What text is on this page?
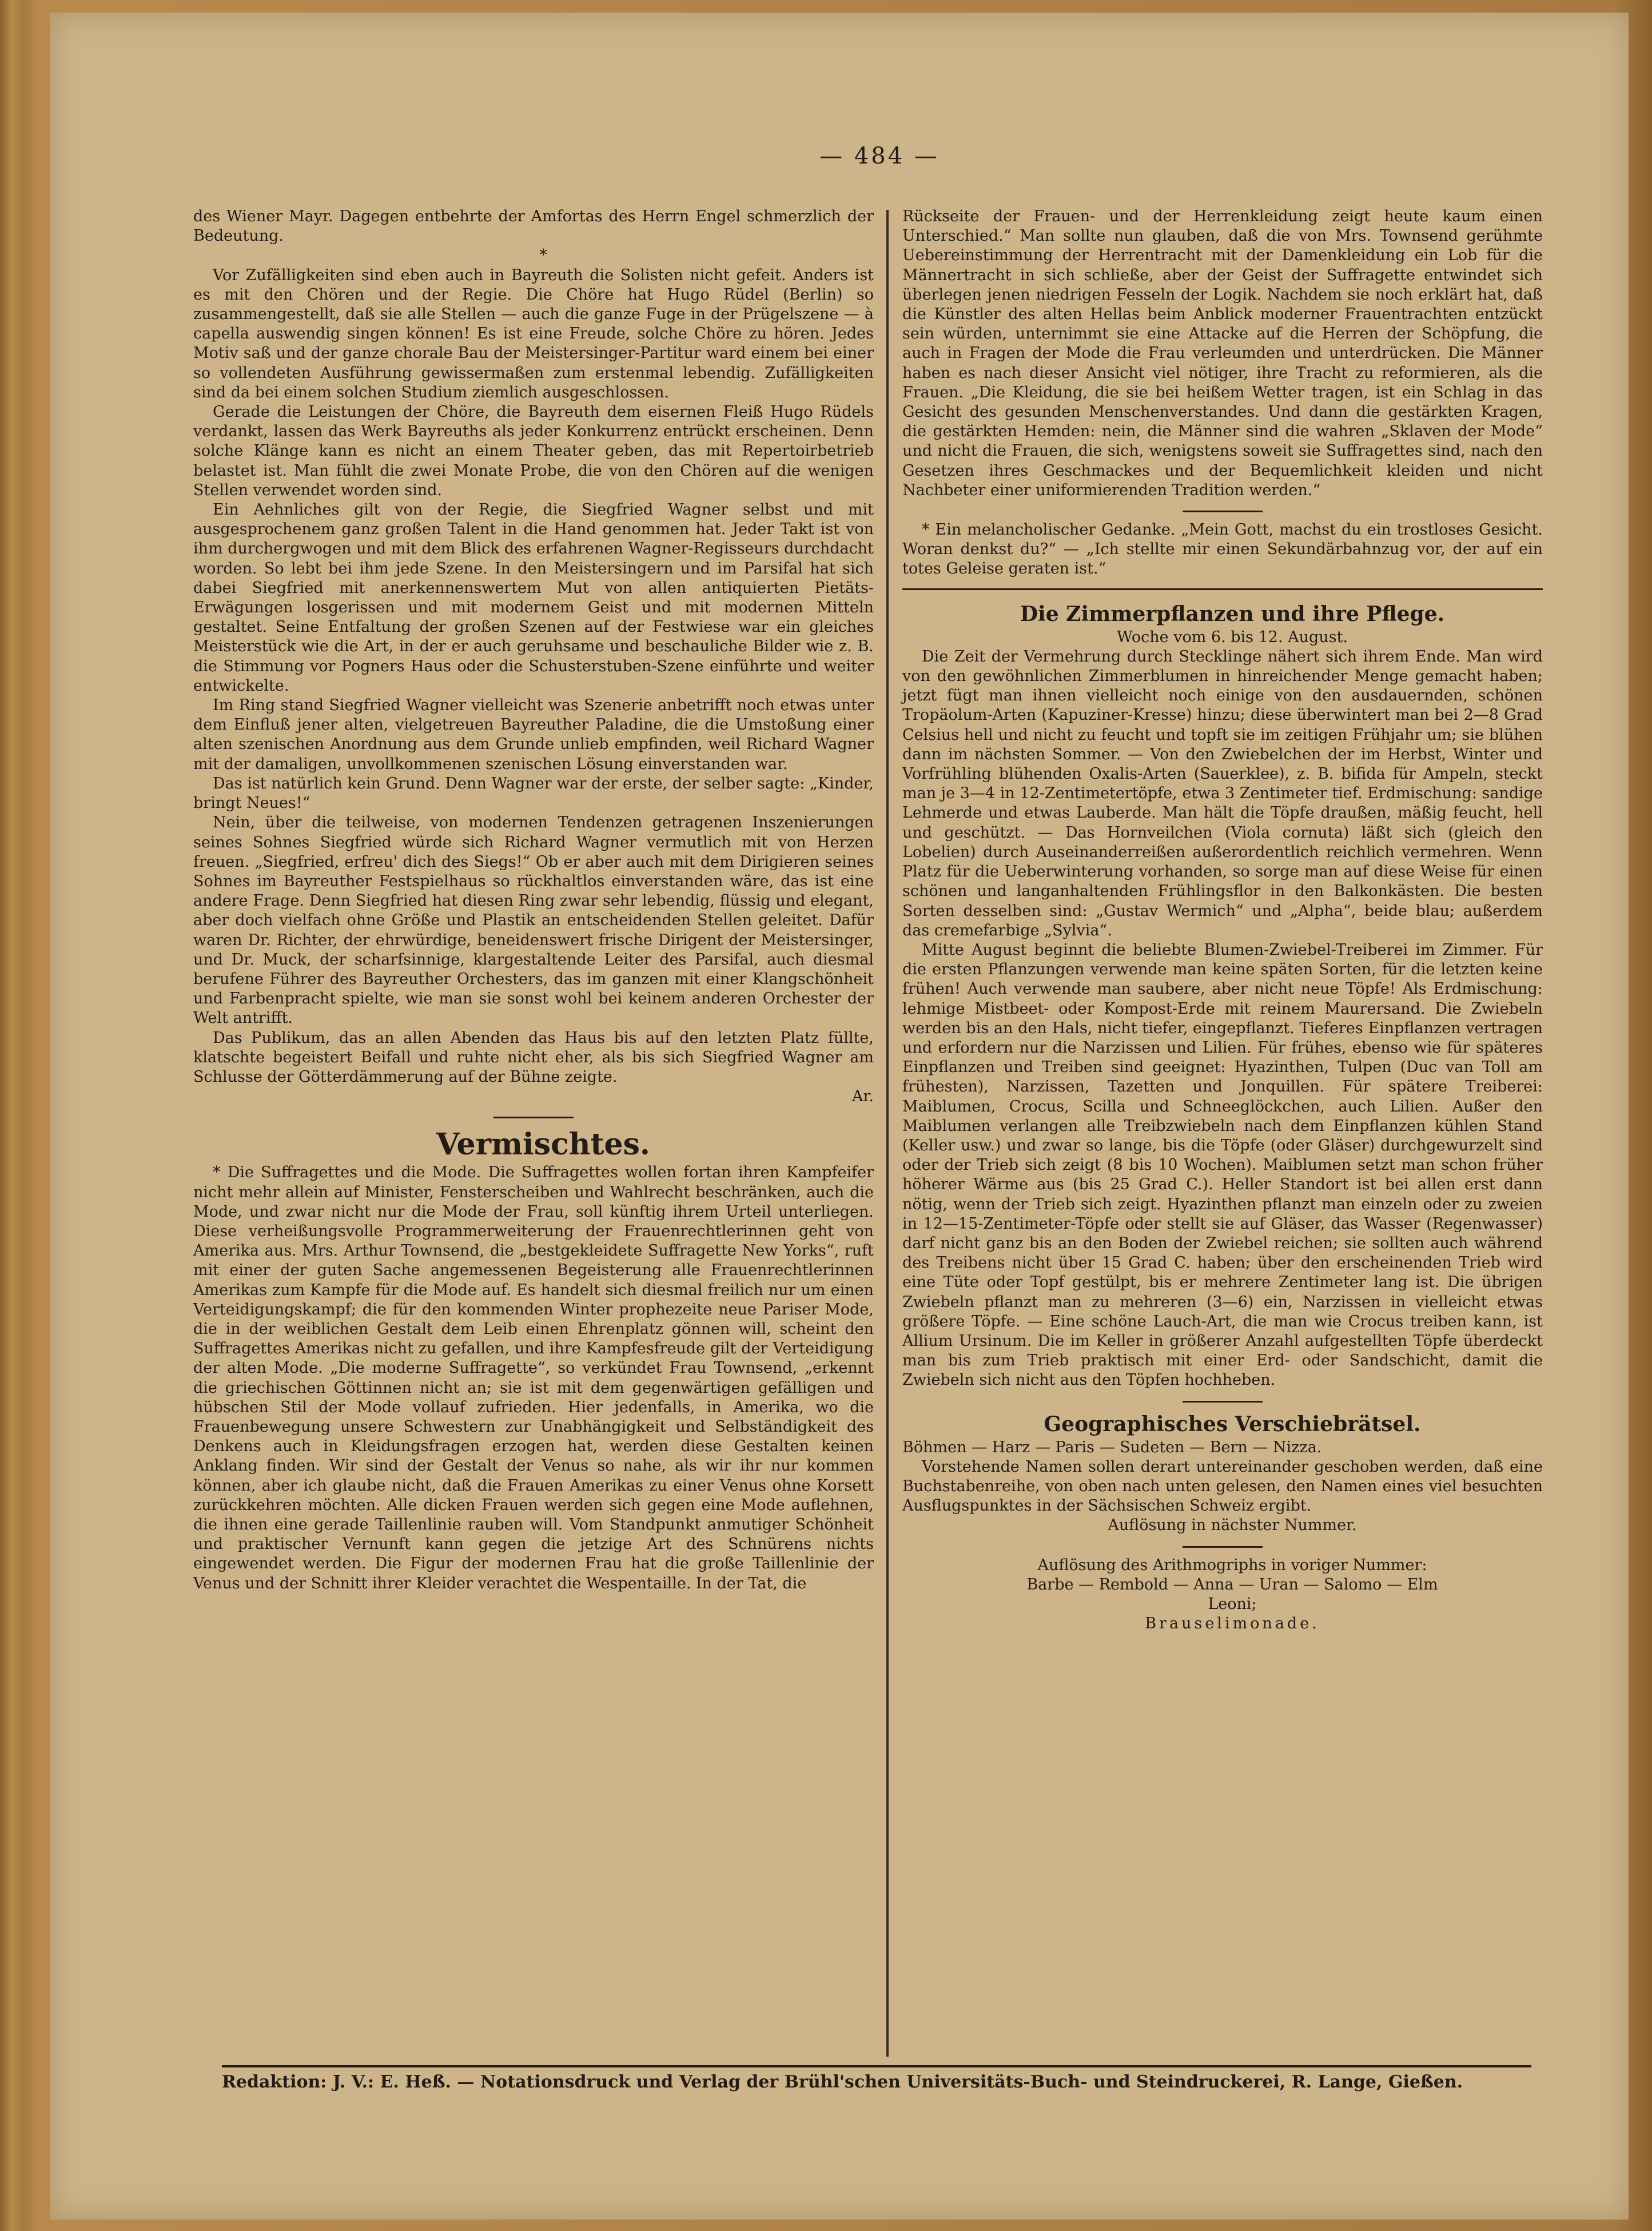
— 484 —

des Wiener Mayr. Dagegen entbehrte der Amfortas des Herrn Engel schmerzlich der Bedeutung.

*

Vor Zufälligkeiten sind eben auch in Bayreuth die Solisten nicht gefeit. Anders ist es mit den Chören und der Regie. Die Chöre hat Hugo Rüdel (Berlin) so zusammengestellt, daß sie alle Stellen — auch die ganze Fuge in der Prügelszene — à capella auswendig singen können! Es ist eine Freude, solche Chöre zu hören. Jedes Motiv saß und der ganze chorale Bau der Meistersinger-Partitur ward einem bei einer so vollendeten Ausführung gewissermaßen zum erstenmal lebendig. Zufälligkeiten sind da bei einem solchen Studium ziemlich ausgeschlossen.

Gerade die Leistungen der Chöre, die Bayreuth dem eisernen Fleiß Hugo Rüdels verdankt, lassen das Werk Bayreuths als jeder Konkurrenz entrückt erscheinen. Denn solche Klänge kann es nicht an einem Theater geben, das mit Repertoirbetrieb belastet ist. Man fühlt die zwei Monate Probe, die von den Chören auf die wenigen Stellen verwendet worden sind.

Ein Aehnliches gilt von der Regie, die Siegfried Wagner selbst und mit ausgesprochenem ganz großen Talent in die Hand genommen hat. Jeder Takt ist von ihm durchergwogen und mit dem Blick des erfahrenen Wagner-Regisseurs durchdacht worden. So lebt bei ihm jede Szene. In den Meistersingern und im Parsifal hat sich dabei Siegfried mit anerkennenswertem Mut von allen antiquierten Pietäts-Erwägungen losgerissen und mit modernem Geist und mit modernen Mitteln gestaltet. Seine Entfaltung der großen Szenen auf der Festwiese war ein gleiches Meisterstück wie die Art, in der er auch geruhsame und beschauliche Bilder wie z. B. die Stimmung vor Pogners Haus oder die Schusterstuben-Szene einführte und weiter entwickelte.

Im Ring stand Siegfried Wagner vielleicht was Szenerie anbetrifft noch etwas unter dem Einfluß jener alten, vielgetreuen Bayreuther Paladine, die die Umstoßung einer alten szenischen Anordnung aus dem Grunde unlieb empfinden, weil Richard Wagner mit der damaligen, unvollkommenen szenischen Lösung einverstanden war.

Das ist natürlich kein Grund. Denn Wagner war der erste, der selber sagte: „Kinder, bringt Neues!“

Nein, über die teilweise, von modernen Tendenzen getragenen Inszenierungen seines Sohnes Siegfried würde sich Richard Wagner vermutlich mit von Herzen freuen. „Siegfried, erfreu' dich des Siegs!“ Ob er aber auch mit dem Dirigieren seines Sohnes im Bayreuther Festspielhaus so rückhaltlos einverstanden wäre, das ist eine andere Frage. Denn Siegfried hat diesen Ring zwar sehr lebendig, flüssig und elegant, aber doch vielfach ohne Größe und Plastik an entscheidenden Stellen geleitet. Dafür waren Dr. Richter, der ehrwürdige, beneidenswert frische Dirigent der Meistersinger, und Dr. Muck, der scharfsinnige, klargestaltende Leiter des Parsifal, auch diesmal berufene Führer des Bayreuther Orchesters, das im ganzen mit einer Klangschönheit und Farbenpracht spielte, wie man sie sonst wohl bei keinem anderen Orchester der Welt antrifft.

Das Publikum, das an allen Abenden das Haus bis auf den letzten Platz füllte, klatschte begeistert Beifall und ruhte nicht eher, als bis sich Siegfried Wagner am Schlusse der Götterdämmerung auf der Bühne zeigte.

Ar.

Vermischtes.

* Die Suffragettes und die Mode. Die Suffragettes wollen fortan ihren Kampfeifer nicht mehr allein auf Minister, Fensterscheiben und Wahlrecht beschränken, auch die Mode, und zwar nicht nur die Mode der Frau, soll künftig ihrem Urteil unterliegen. Diese verheißungsvolle Programmerweiterung der Frauenrechtlerinnen geht von Amerika aus. Mrs. Arthur Townsend, die „bestgekleidete Suffragette New Yorks“, ruft mit einer der guten Sache angemessenen Begeisterung alle Frauenrechtlerinnen Amerikas zum Kampfe für die Mode auf. Es handelt sich diesmal freilich nur um einen Verteidigungskampf; die für den kommenden Winter prophezeite neue Pariser Mode, die in der weiblichen Gestalt dem Leib einen Ehrenplatz gönnen will, scheint den Suffragettes Amerikas nicht zu gefallen, und ihre Kampfesfreude gilt der Verteidigung der alten Mode. „Die moderne Suffragette“, so verkündet Frau Townsend, „erkennt die griechischen Göttinnen nicht an; sie ist mit dem gegenwärtigen gefälligen und hübschen Stil der Mode vollauf zufrieden. Hier jedenfalls, in Amerika, wo die Frauenbewegung unsere Schwestern zur Unabhängigkeit und Selbständigkeit des Denkens auch in Kleidungsfragen erzogen hat, werden diese Gestalten keinen Anklang finden. Wir sind der Gestalt der Venus so nahe, als wir ihr nur kommen können, aber ich glaube nicht, daß die Frauen Amerikas zu einer Venus ohne Korsett zurückkehren möchten. Alle dicken Frauen werden sich gegen eine Mode auflehnen, die ihnen eine gerade Taillenlinie rauben will. Vom Standpunkt anmutiger Schönheit und praktischer Vernunft kann gegen die jetzige Art des Schnürens nichts eingewendet werden. Die Figur der modernen Frau hat die große Taillenlinie der Venus und der Schnitt ihrer Kleider verachtet die Wespentaille. In der Tat, die

Rückseite der Frauen- und der Herrenkleidung zeigt heute kaum einen Unterschied.“ Man sollte nun glauben, daß die von Mrs. Townsend gerühmte Uebereinstimmung der Herrentracht mit der Damenkleidung ein Lob für die Männertracht in sich schließe, aber der Geist der Suffragette entwindet sich überlegen jenen niedrigen Fesseln der Logik. Nachdem sie noch erklärt hat, daß die Künstler des alten Hellas beim Anblick moderner Frauentrachten entzückt sein würden, unternimmt sie eine Attacke auf die Herren der Schöpfung, die auch in Fragen der Mode die Frau verleumden und unterdrücken. Die Männer haben es nach dieser Ansicht viel nötiger, ihre Tracht zu reformieren, als die Frauen. „Die Kleidung, die sie bei heißem Wetter tragen, ist ein Schlag in das Gesicht des gesunden Menschenverstandes. Und dann die gestärkten Kragen, die gestärkten Hemden: nein, die Männer sind die wahren „Sklaven der Mode“ und nicht die Frauen, die sich, wenigstens soweit sie Suffragettes sind, nach den Gesetzen ihres Geschmackes und der Bequemlichkeit kleiden und nicht Nachbeter einer uniformierenden Tradition werden.“

* Ein melancholischer Gedanke. „Mein Gott, machst du ein trostloses Gesicht. Woran denkst du?“ — „Ich stellte mir einen Sekundärbahnzug vor, der auf ein totes Geleise geraten ist.“

Die Zimmerpflanzen und ihre Pflege.

Woche vom 6. bis 12. August.

Die Zeit der Vermehrung durch Stecklinge nähert sich ihrem Ende. Man wird von den gewöhnlichen Zimmerblumen in hinreichender Menge gemacht haben; jetzt fügt man ihnen vielleicht noch einige von den ausdauernden, schönen Tropäolum-Arten (Kapuziner-Kresse) hinzu; diese überwintert man bei 2—8 Grad Celsius hell und nicht zu feucht und topft sie im zeitigen Frühjahr um; sie blühen dann im nächsten Sommer. — Von den Zwiebelchen der im Herbst, Winter und Vorfrühling blühenden Oxalis-Arten (Sauerklee), z. B. bifida für Ampeln, steckt man je 3—4 in 12-Zentimetertöpfe, etwa 3 Zentimeter tief. Erdmischung: sandige Lehmerde und etwas Lauberde. Man hält die Töpfe draußen, mäßig feucht, hell und geschützt. — Das Hornveilchen (Viola cornuta) läßt sich (gleich den Lobelien) durch Auseinanderreißen außerordentlich reichlich vermehren. Wenn Platz für die Ueberwinterung vorhanden, so sorge man auf diese Weise für einen schönen und langanhaltenden Frühlingsflor in den Balkonkästen. Die besten Sorten desselben sind: „Gustav Wermich“ und „Alpha“, beide blau; außerdem das cremefarbige „Sylvia“.

Mitte August beginnt die beliebte Blumen-Zwiebel-Treiberei im Zimmer. Für die ersten Pflanzungen verwende man keine späten Sorten, für die letzten keine frühen! Auch verwende man saubere, aber nicht neue Töpfe! Als Erdmischung: lehmige Mistbeet- oder Kompost-Erde mit reinem Maurersand. Die Zwiebeln werden bis an den Hals, nicht tiefer, eingepflanzt. Tieferes Einpflanzen vertragen und erfordern nur die Narzissen und Lilien. Für frühes, ebenso wie für späteres Einpflanzen und Treiben sind geeignet: Hyazinthen, Tulpen (Duc van Toll am frühesten), Narzissen, Tazetten und Jonquillen. Für spätere Treiberei: Maiblumen, Crocus, Scilla und Schneeglöckchen, auch Lilien. Außer den Maiblumen verlangen alle Treibzwiebeln nach dem Einpflanzen kühlen Stand (Keller usw.) und zwar so lange, bis die Töpfe (oder Gläser) durchgewurzelt sind oder der Trieb sich zeigt (8 bis 10 Wochen). Maiblumen setzt man schon früher höherer Wärme aus (bis 25 Grad C.). Heller Standort ist bei allen erst dann nötig, wenn der Trieb sich zeigt. Hyazinthen pflanzt man einzeln oder zu zweien in 12—15-Zentimeter-Töpfe oder stellt sie auf Gläser, das Wasser (Regenwasser) darf nicht ganz bis an den Boden der Zwiebel reichen; sie sollten auch während des Treibens nicht über 15 Grad C. haben; über den erscheinenden Trieb wird eine Tüte oder Topf gestülpt, bis er mehrere Zentimeter lang ist. Die übrigen Zwiebeln pflanzt man zu mehreren (3—6) ein, Narzissen in vielleicht etwas größere Töpfe. — Eine schöne Lauch-Art, die man wie Crocus treiben kann, ist Allium Ursinum. Die im Keller in größerer Anzahl aufgestellten Töpfe überdeckt man bis zum Trieb praktisch mit einer Erd- oder Sandschicht, damit die Zwiebeln sich nicht aus den Töpfen hochheben.

Geographisches Verschiebrätsel.

Böhmen — Harz — Paris — Sudeten — Bern — Nizza.

Vorstehende Namen sollen derart untereinander geschoben werden, daß eine Buchstabenreihe, von oben nach unten gelesen, den Namen eines viel besuchten Ausflugspunktes in der Sächsischen Schweiz ergibt.

Auflösung in nächster Nummer.

Auflösung des Arithmogriphs in voriger Nummer:

Barbe — Rembold — Anna — Uran — Salomo — Elm

Leoni;

Brauselimonade.

Redaktion: J. V.: E. Heß. — Notationsdruck und Verlag der Brühl'schen Universitäts-Buch- und Steindruckerei, R. Lange, Gießen.
